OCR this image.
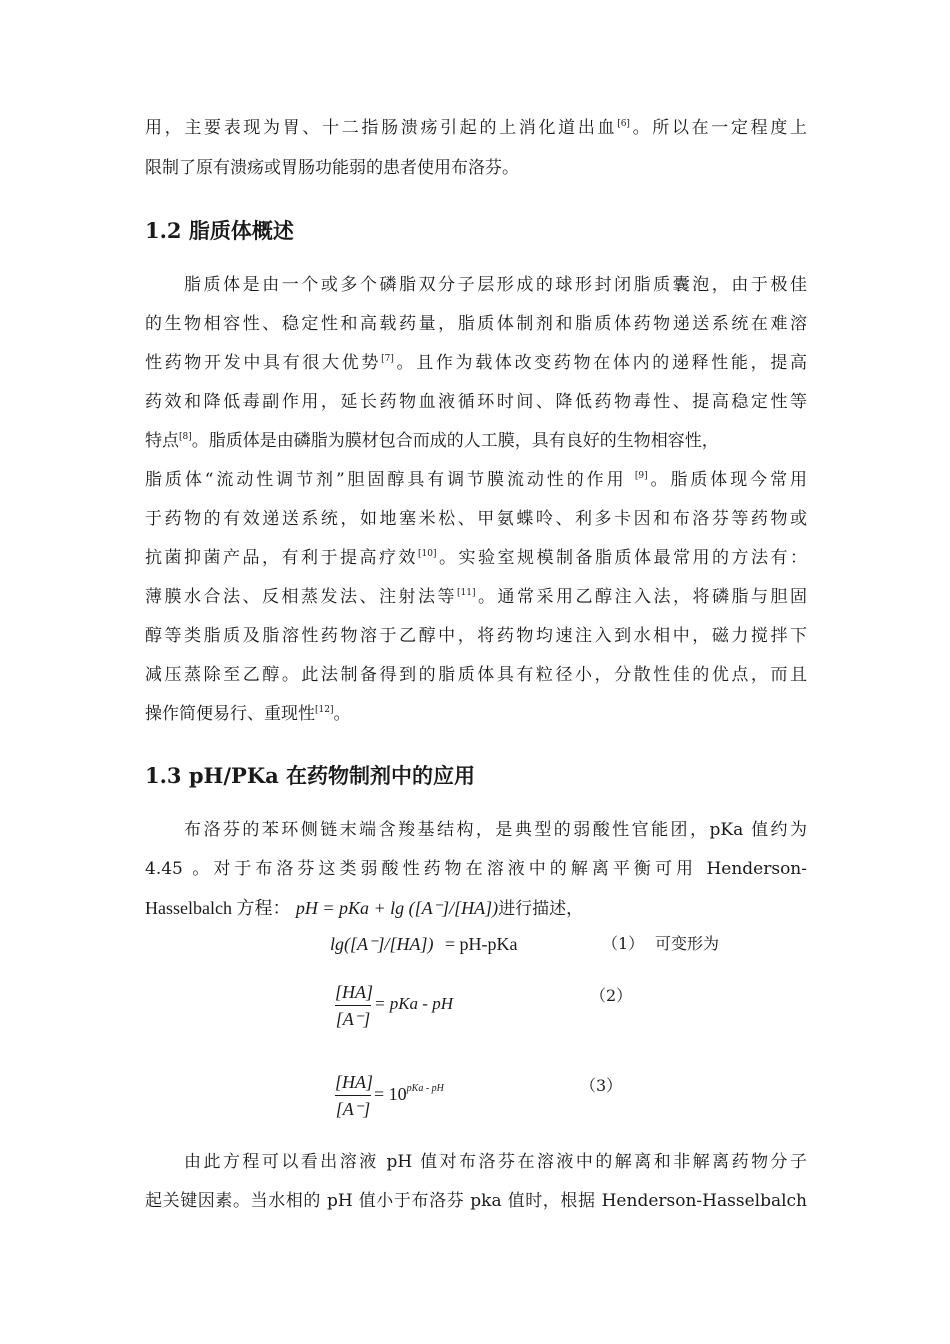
用，主要表现为胃、十二指肠溃疡引起的上消化道出血[6]。所以在一定程度上
限制了原有溃疡或胃肠功能弱的患者使用布洛芬。
1.2 脂质体概述
脂质体是由一个或多个磷脂双分子层形成的球形封闭脂质囊泡，由于极佳
的生物相容性、稳定性和高载药量，脂质体制剂和脂质体药物递送系统在难溶
性药物开发中具有很大优势[7]。且作为载体改变药物在体内的递释性能，提高
药效和降低毒副作用，延长药物血液循环时间、降低药物毒性、提高稳定性等
特点[8]。脂质体是由磷脂为膜材包合而成的人工膜，具有良好的生物相容性，
脂质体“流动性调节剂”胆固醇具有调节膜流动性的作用 [9]。脂质体现今常用
于药物的有效递送系统，如地塞米松、甲氨蝶呤、利多卡因和布洛芬等药物或
抗菌抑菌产品，有利于提高疗效[10]。实验室规模制备脂质体最常用的方法有：
薄膜水合法、反相蒸发法、注射法等[11]。通常采用乙醇注入法，将磷脂与胆固
醇等类脂质及脂溶性药物溶于乙醇中，将药物均速注入到水相中，磁力搅拌下
减压蒸除至乙醇。此法制备得到的脂质体具有粒径小，分散性佳的优点，而且
操作简便易行、重现性[12]。
1.3 pH/PKa 在药物制剂中的应用
布洛芬的苯环侧链末端含羧基结构，是典型的弱酸性官能团，pKa 值约为
4.45 。对于布洛芬这类弱酸性药物在溶液中的解离平衡可用 Henderson-
Hasselbalch 方程： pH = pKa + lg ([A⁻]/[HA])进行描述，
lg([A⁻]/[HA]) = pH-pKa	（1） 可变形为
[HA]
[A⁻]
= pKa - pH	（2）
[HA]
[A⁻]
= $10^{pKa - pH}$	（3）
由此方程可以看出溶液 pH 值对布洛芬在溶液中的解离和非解离药物分子
起关键因素。当水相的 pH 值小于布洛芬 pka 值时，根据 Henderson-Hasselbalch
